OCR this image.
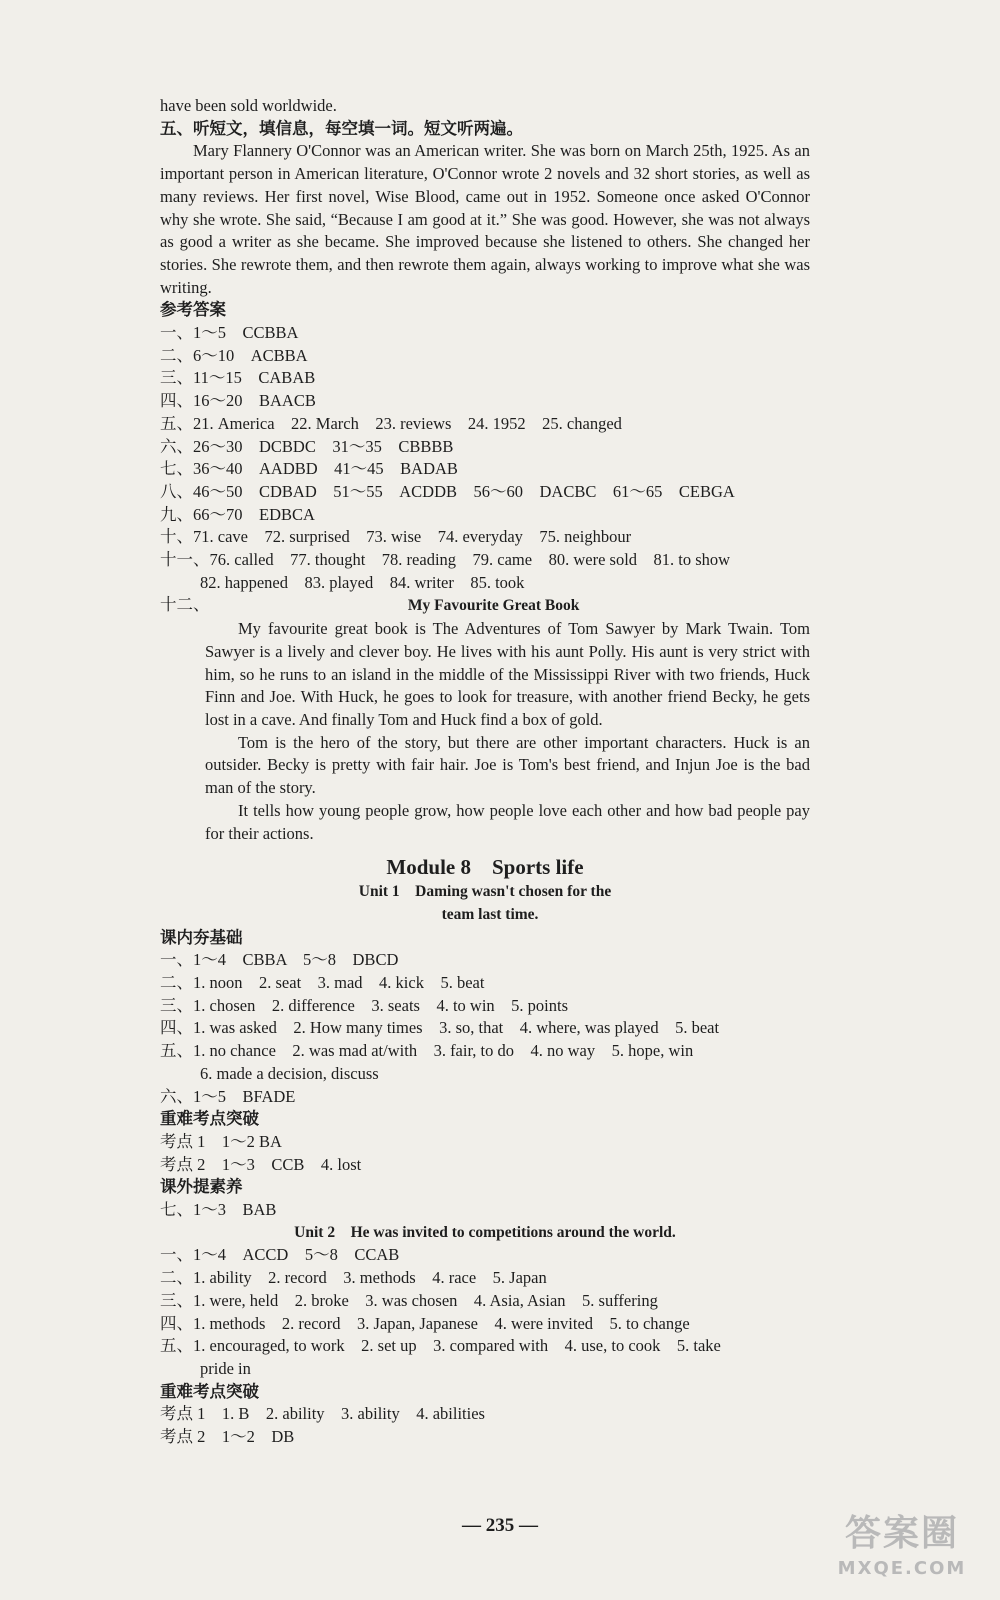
have been sold worldwide.
五、听短文，填信息，每空填一词。短文听两遍。
Mary Flannery O'Connor was an American writer. She was born on March 25th, 1925. As an important person in American literature, O'Connor wrote 2 novels and 32 short stories, as well as many reviews. Her first novel, Wise Blood, came out in 1952. Someone once asked O'Connor why she wrote. She said, “Because I am good at it.” She was good. However, she was not always as good a writer as she became. She improved because she listened to others. She changed her stories. She rewrote them, and then rewrote them again, always working to improve what she was writing.
参考答案
一、1～5　CCBBA
二、6～10　ACBBA
三、11～15　CABAB
四、16～20　BAACB
五、21. America　22. March　23. reviews　24. 1952　25. changed
六、26～30　DCBDC　31～35　CBBBB
七、36～40　AADBD　41～45　BADAB
八、46～50　CDBAD　51～55　ACDDB　56～60　DACBC　61～65　CEBGA
九、66～70　EDBCA
十、71. cave　72. surprised　73. wise　74. everyday　75. neighbour
十一、76. called　77. thought　78. reading　79. came　80. were sold　81. to show
82. happened　83. played　84. writer　85. took
十二、	My Favourite Great Book
My favourite great book is The Adventures of Tom Sawyer by Mark Twain. Tom Sawyer is a lively and clever boy. He lives with his aunt Polly. His aunt is very strict with him, so he runs to an island in the middle of the Mississippi River with two friends, Huck Finn and Joe. With Huck, he goes to look for treasure, with another friend Becky, he gets lost in a cave. And finally Tom and Huck find a box of gold.
Tom is the hero of the story, but there are other important characters. Huck is an outsider. Becky is pretty with fair hair. Joe is Tom's best friend, and Injun Joe is the bad man of the story.
It tells how young people grow, how people love each other and how bad people pay for their actions.
Module 8　Sports life
Unit 1　Daming wasn't chosen for the
team last time.
课内夯基础
一、1～4　CBBA　5～8　DBCD
二、1. noon　2. seat　3. mad　4. kick　5. beat
三、1. chosen　2. difference　3. seats　4. to win　5. points
四、1. was asked　2. How many times　3. so, that　4. where, was played　5. beat
五、1. no chance　2. was mad at/with　3. fair, to do　4. no way　5. hope, win
6. made a decision, discuss
六、1～5　BFADE
重难考点突破
考点 1　1～2 BA
考点 2　1～3　CCB　4. lost
课外提素养
七、1～3　BAB
Unit 2　He was invited to competitions around the world.
一、1～4　ACCD　5～8　CCAB
二、1. ability　2. record　3. methods　4. race　5. Japan
三、1. were, held　2. broke　3. was chosen　4. Asia, Asian　5. suffering
四、1. methods　2. record　3. Japan, Japanese　4. were invited　5. to change
五、1. encouraged, to work　2. set up　3. compared with　4. use, to cook　5. take
pride in
重难考点突破
考点 1　1. B　2. ability　3. ability　4. abilities
考点 2　1～2　DB
— 235 —	答案圈
MXQE.COM
